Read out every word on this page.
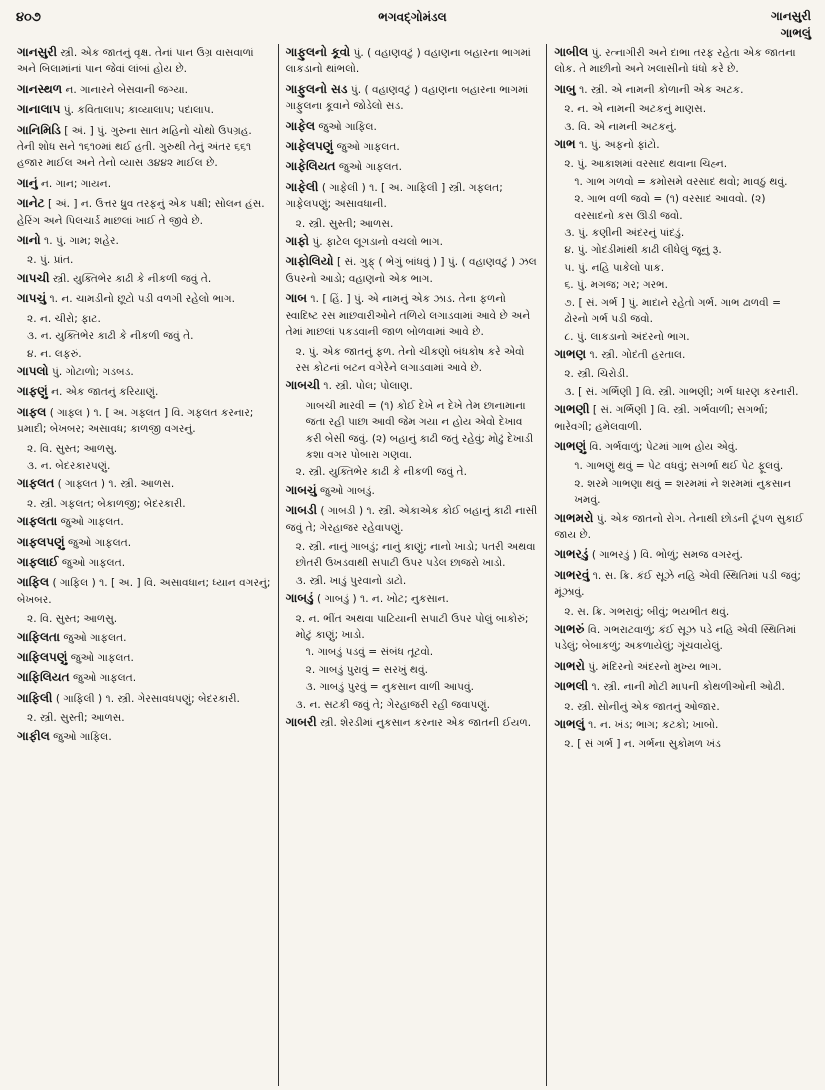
૪૦૭	ભગવદ્ગોમંડલ	ગાનસુરી
ગાભલું
ગાનસુરી સ્ત્રી. એક જાતનું વૃક્ષ. તેનાં પાન ઉગ્ર વાસવાળાં અને બિલામાંનાં પાન જેવાં લાંબાં હોય છે.
ગાનસ્થળ ન. ગાનારને બેસવાની જગ્યા.
ગાનાલાપ પું. કવિતાલાપ; કાવ્યાલાપ; પદાલાપ.
ગાનિમિડિ [ અં. ] પું. ગુરુના સાત મહિનો ચોથો ઉપગ્રહ. તેની શોધ સને ૧૬૧૦માં થઈ હતી. ગુરુથી તેનું અંતર ૬૬૧ હજાર માઈલ અને તેનો વ્યાસ ૩૪૪૨ માઈલ છે.
ગાનું ન. ગાન; ગાયન.
ગાનેટ [ અં. ] ન. ઉત્તર ધ્રુવ તરફનું એક પક્ષી; સોલન હંસ. હેરિંગ અને પિલચાર્ડ માછલાં ખાઈ તે જીવે છે.
ગાનો ૧. પું. ગામ; શહેર.
૨. પું. પ્રાંત.
ગાપચી સ્ત્રી. યુક્તિભેર કાઢી કે નીકળી જવું તે.
ગાપચું ૧. ન. ચામડીનો છૂટો પડી વળગી રહેલો ભાગ.
૨. ન. ચીરો; ફાટ.
૩. ન. યુક્તિભેર કાઢી કે નીકળી જવું તે.
૪. ન. લફરું.
ગાપલો પું. ગોટાળો; ગડબડ.
ગાફણું ન. એક જાતનું કરિયાણું.
ગાફલ ( ગાફ્લ ) ૧. [ અ. ગફ્લત ] વિ. ગફલત કરનાર; પ્રમાદી; બેખબર; અસાવધ; કાળજી વગરનું.
૨. વિ. સુસ્ત; આળસુ.
૩. ન. બેદરકારપણું.
ગાફલત ( ગાફ્લત ) ૧. સ્ત્રી. આળસ.
૨. સ્ત્રી. ગફલત; બેકાળજી; બેદરકારી.
ગાફલતા જુઓ ગાફલત.
ગાફલપણું જુઓ ગાફલત.
ગાફલાઈ જુઓ ગાફલત.
ગાફિલ ( ગાફિલ ) ૧. [ અ. ] વિ. અસાવધાન; ધ્યાન વગરનું; બેખબર.
૨. વિ. સુસ્ત; આળસુ.
ગાફિલતા જુઓ ગાફલત.
ગાફિલપણું જુઓ ગાફલત.
ગાફિલિયત જુઓ ગાફલત.
ગાફિલી ( ગાફિલી ) ૧. સ્ત્રી. ગેરસાવધપણું; બેદરકારી.
૨. સ્ત્રી. સુસ્તી; આળસ.
ગાફીલ જુઓ ગાફિલ.
ગાફુલનો કૂવો પું. ( વહાણવટું ) વહાણના બહારના ભાગમાં લાકડાનો થાંભલો.
ગાફુલનો સડ પું. ( વહાણવટું ) વહાણના બહારના ભાગમાં ગાફુલના કૂવાને જોડેલો સડ.
ગાફેલ જુઓ ગાફિલ.
ગાફેલપણું જુઓ ગાફલત.
ગાફેલિયત જુઓ ગાફલત.
ગાફેલી ( ગાફેલી ) ૧. [ અ. ગાફિલી ] સ્ત્રી. ગફલત; ગાફેલપણું; અસાવધાની.
૨. સ્ત્રી. સુસ્તી; આળસ.
ગાફો પું. ફાટેલ લૂગડાનો વચલો ભાગ.
ગાફોલિયો [ સં. ગુફ્ ( ભેગું બાંધવું ) ] પું. ( વહાણવટું ) ઝલ ઉપરનો આડો; વહાણનો એક ભાગ.
ગાબ ૧. [ હિં. ] પું. એ નામનું એક ઝાડ. તેના ફળનો સ્વાદિષ્ટ રસ માછવારીઓને તળિયે લગાડવામાં આવે છે અને તેમાં માછલાં પકડવાની જાળ બોળવામાં આવે છે.
૨. પું. એક જાતનું ફળ. તેનો ચીકણો બંધકોષ કરે એવો રસ કોટનાં બટન વગેરેને લગાડવામાં આવે છે.
ગાબચી ૧. સ્ત્રી. પોલ; પોલાણ.
ગાબચી મારવી = (૧) કોઈ દેખે ન દેખે તેમ છાનામાના જતા રહી પાછા આવી જેમ ગયા ન હોય એવો દેખાવ કરી બેસી જવું. (૨) બહાનું કાઢી જતું રહેવું; મોઢું દેખાડી કશા વગર પોબારા ગણવા.
૨. સ્ત્રી. યુક્તિભેર કાઢી કે નીકળી જવું તે.
ગાબચું જુઓ ગાબડું.
ગાબડી ( ગાબડી ) ૧. સ્ત્રી. એકાએક કોઈ બહાનું કાઢી નાસી જવું તે; ગેરહાજર રહેવાપણું.
૨. સ્ત્રી. નાનું ગાબડું; નાનું કાણું; નાનો ખાડો; પતરી અથવા છોતરી ઉખડવાથી સપાટી ઉપર પડેલ છાજરો ખાડો.
૩. સ્ત્રી. ખાડું પુરવાનો ડાટો.
ગાબડું ( ગાબડું ) ૧. ન. ખોટ; નુકસાન.
૨. ન. ભીંત અથવા પાટિયાની સપાટી ઉપર પોલું બાકોરું; મોટું કાણું; ખાડો.
૧. ગાબડું પડવું = સંબંધ તૂટવો.
૨. ગાબડું પુરાવું = સરખું થવું.
૩. ગાબડું પુરવું = નુકસાન વાળી આપવું.
૩. ન. સટકી જવું તે; ગેરહાજરી રહી જવાપણું.
ગાબરી સ્ત્રી. શેરડીમાં નુકસાન કરનાર એક જાતની ઈયળ.
ગાબીલ પું. રત્નાગીરી અને દાભા તરફ રહેતા એક જાતના લોક. તે માછીનો અને ખલાસીનો ધંધો કરે છે.
ગાબુ ૧. સ્ત્રી. એ નામની કોળાની એક અટક.
૨. ન. એ નામની અટકનું માણસ.
૩. વિ. એ નામની અટકનું.
ગાભ ૧. પું. અફનો ફાંટો.
૨. પું. આકાશમાં વરસાદ થવાના ચિહ્ન.
૧. ગાભ ગળવો = કમોસમે વરસાદ થવો; માવઠું થવું.
૨. ગાભ વળી જવો = (૧) વરસાદ આવવો. (૨) વરસાદનો કસ ઊડી જવો.
૩. પું. કણીની અંદરનું પાંદડું.
૪. પું. ગોદડીમાંથી કાઢી લીધેલું જૂનું રૂ.
૫. પું. નહિ પાકેલો પાક.
૬. પું. મગજ; ગર; ગરભ.
૭. [ સં. ગર્ભ ] પું. માદાને રહેતો ગર્ભ. ગાભ ઢાળવી = ઢોરનો ગર્ભ પડી જવો.
૮. પું. લાકડાનો અંદરનો ભાગ.
ગાભણ ૧. સ્ત્રી. ગોદંતી હરતાલ.
૨. સ્ત્રી. ચિરોડી.
૩. [ સં. ગર્ભિણી ] વિ. સ્ત્રી. ગાભણી; ગર્ભ ધારણ કરનારી.
ગાભણી [ સં. ગર્ભિણી ] વિ. સ્ત્રી. ગર્ભવાળી; સગર્ભા; ભારેવગી; હમેલવાળી.
ગાભણું વિ. ગર્ભવાળું; પેટમાં ગાભ હોય એવું.
૧. ગાભણું થવું = પેટ વધવું; સગર્ભા થઈ પેટ ફૂલવું.
૨. શરમે ગાભણા થવું = શરમમાં ને શરમમાં નુકસાન ખમવું.
ગાભમરો પું. એક જાતનો રોગ. તેનાથી છોડની ટૂંપળ સુકાઈ જાય છે.
ગાભરડું ( ગાભરડું ) વિ. ભોળું; સમજ વગરનું.
ગાભરવું ૧. સ. ક્રિ. કંઈ સૂઝે નહિ એવી સ્થિતિમાં પડી જવું; મૂંઝાવું.
૨. સ. ક્રિ. ગભરાવું; બીવું; ભયભીત થવું.
ગાભરું વિ. ગભરાટવાળું; કંઈ સૂઝ પડે નહિ એવી સ્થિતિમાં પડેલું; બેબાકળું; અકળાયેલું; ગૂંચવાયેલું.
ગાભરો પું. મંદિરનો અંદરનો મુખ્ય ભાગ.
ગાભલી ૧. સ્ત્રી. નાની મોટી માપની કોથળીઓની ઓઢી.
૨. સ્ત્રી. સોનીનું એક જાતનું ઓજાર.
ગાભલું ૧. ન. ખંડ; ભાગ; કટકો; ખાબો.
૨. [ સં ગર્ભ ] ન. ગર્ભના સુકોમળ ખંડ
